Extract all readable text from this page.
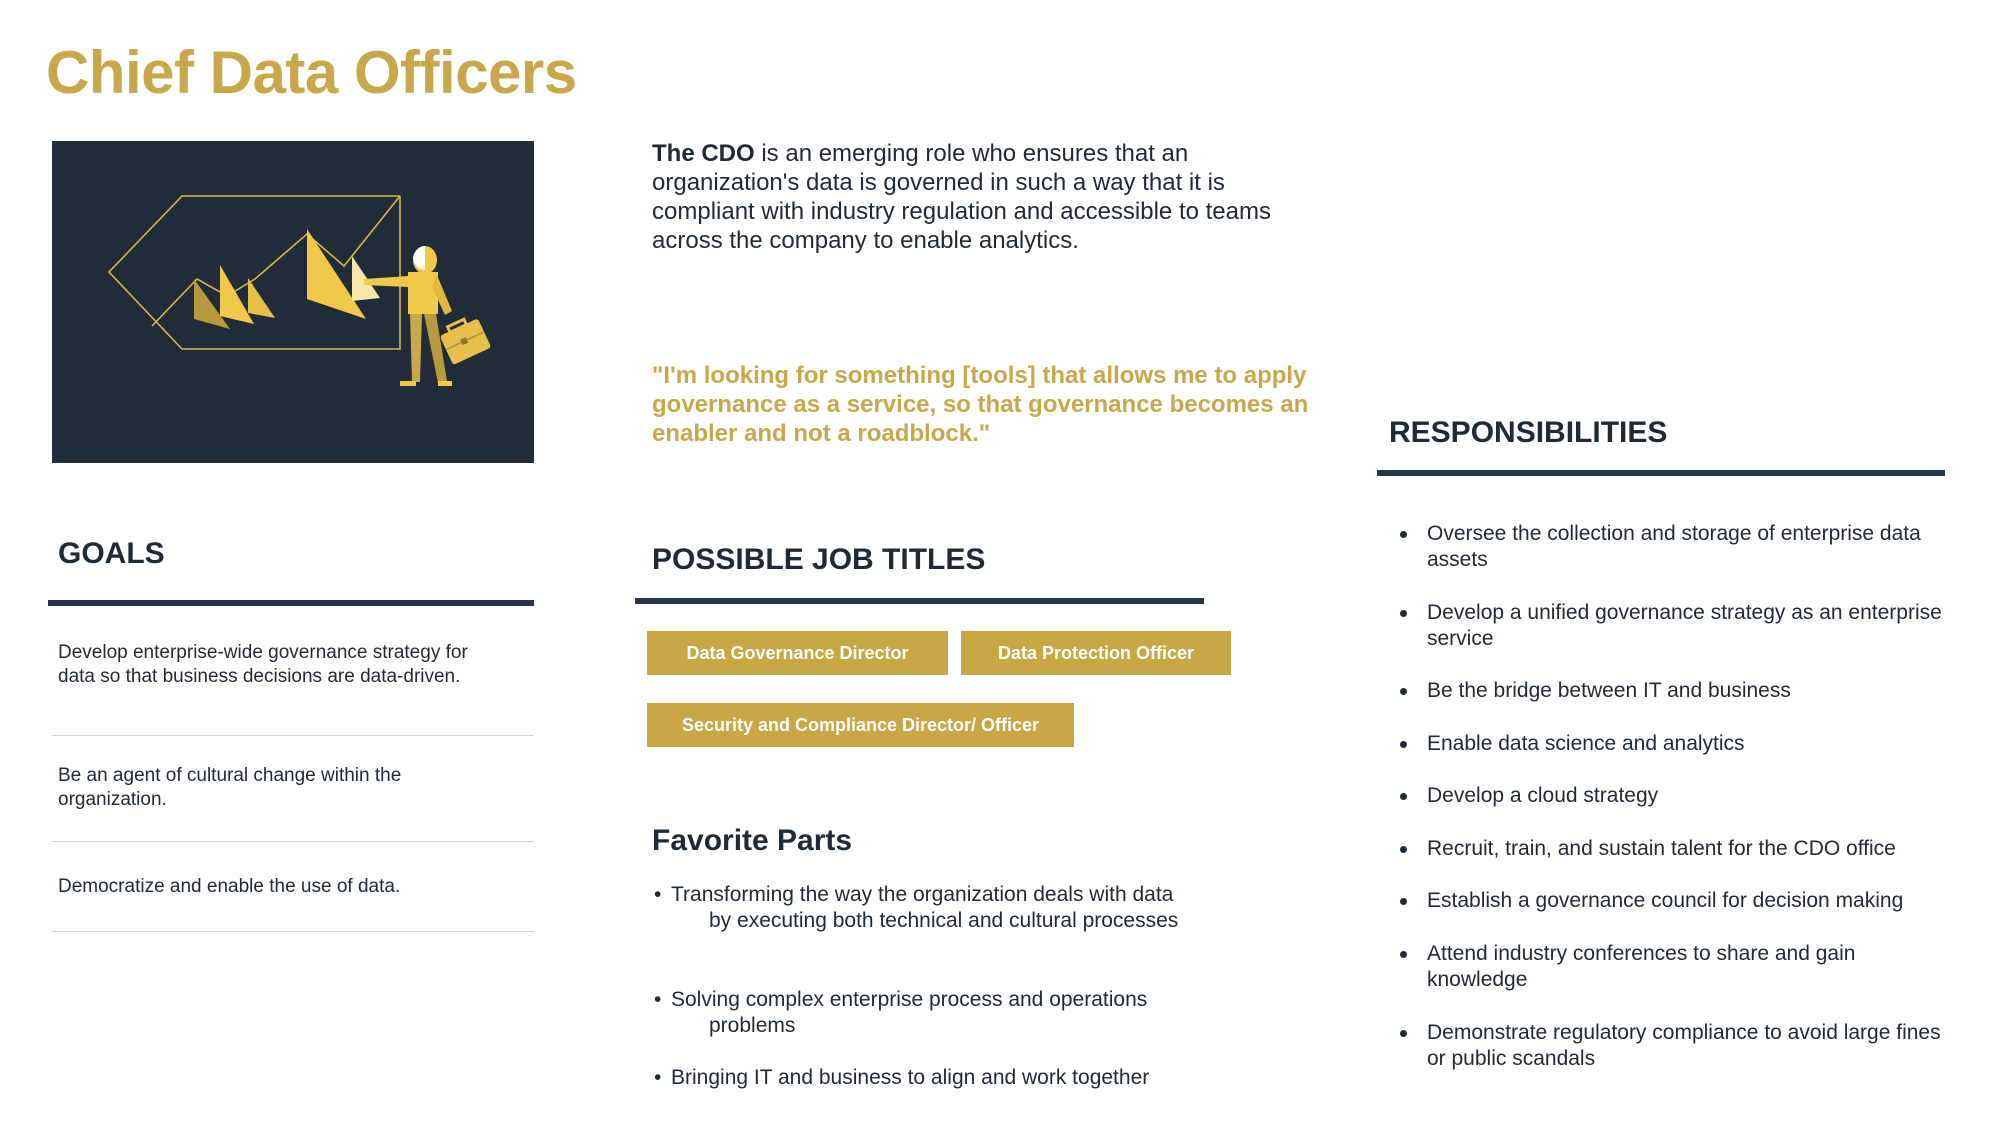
Chief Data Officers

The CDO is an emerging role who ensures that an organization's data is governed in such a way that it is compliant with industry regulation and accessible to teams across the company to enable analytics.

"I'm looking for something [tools] that allows me to apply governance as a service, so that governance becomes an enabler and not a roadblock."

GOALS
Develop enterprise-wide governance strategy for data so that business decisions are data-driven.
Be an agent of cultural change within the organization.
Democratize and enable the use of data.
POSSIBLE JOB TITLES
Data Governance Director	Data Protection Officer
Security and Compliance Director/ Officer
Favorite Parts
• Transforming the way the organization deals with data
by executing both technical and cultural processes
• Solving complex enterprise process and operations
problems
• Bringing IT and business to align and work together
RESPONSIBILITIES
Oversee the collection and storage of enterprise data assets
Develop a unified governance strategy as an enterprise service
Be the bridge between IT and business
Enable data science and analytics
Develop a cloud strategy
Recruit, train, and sustain talent for the CDO office
Establish a governance council for decision making
Attend industry conferences to share and gain knowledge
Demonstrate regulatory compliance to avoid large fines or public scandals
